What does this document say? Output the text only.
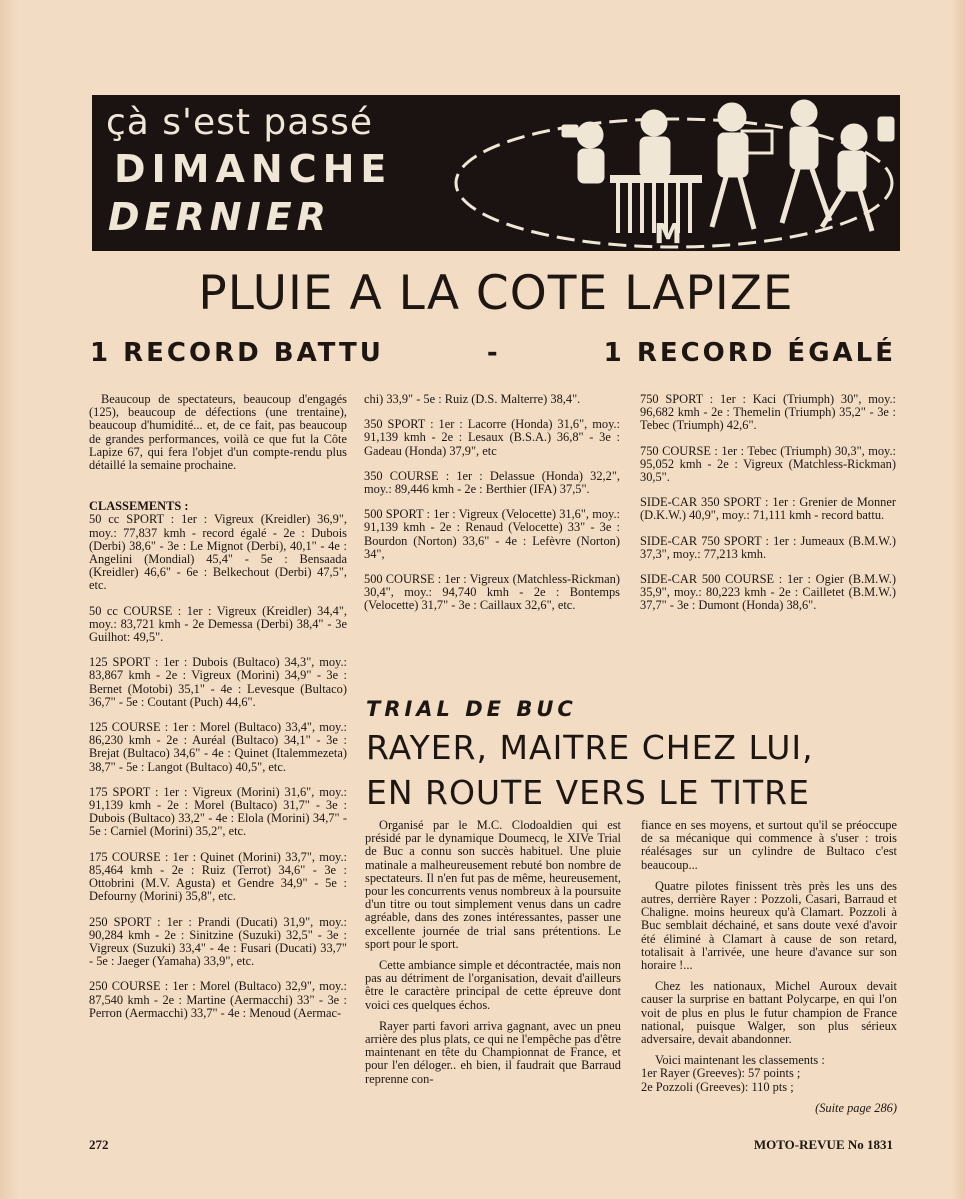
çà s'est passé
DIMANCHE
DERNIER	M
PLUIE A LA COTE LAPIZE
1 RECORD BATTU	-	1 RECORD ÉGALÉ

Beaucoup de spectateurs, beaucoup d'engagés (125), beaucoup de défections (une trentaine), beaucoup d'humidité... et, de ce fait, pas beaucoup de grandes performances, voilà ce que fut la Côte Lapize 67, qui fera l'objet d'un compte-rendu plus détaillé la semaine prochaine.

CLASSEMENTS :

50 cc SPORT : 1er : Vigreux (Kreidler) 36,9", moy.: 77,837 kmh - record égalé - 2e : Dubois (Derbi) 38,6" - 3e : Le Mignot (Derbi), 40,1" - 4e : Angelini (Mondial) 45,4" - 5e : Bensaada (Kreidler) 46,6" - 6e : Belkechout (Derbi) 47,5", etc.

50 cc COURSE : 1er : Vigreux (Kreidler) 34,4", moy.: 83,721 kmh - 2e Demessa (Derbi) 38,4" - 3e Guilhot: 49,5".

125 SPORT : 1er : Dubois (Bultaco) 34,3", moy.: 83,867 kmh - 2e : Vigreux (Morini) 34,9" - 3e : Bernet (Motobi) 35,1" - 4e : Levesque (Bultaco) 36,7" - 5e : Coutant (Puch) 44,6".

125 COURSE : 1er : Morel (Bultaco) 33,4", moy.: 86,230 kmh - 2e : Auréal (Bultaco) 34,1" - 3e : Brejat (Bultaco) 34,6" - 4e : Quinet (Italemmezeta) 38,7" - 5e : Langot (Bultaco) 40,5", etc.

175 SPORT : 1er : Vigreux (Morini) 31,6", moy.: 91,139 kmh - 2e : Morel (Bultaco) 31,7" - 3e : Dubois (Bultaco) 33,2" - 4e : Elola (Morini) 34,7" - 5e : Carniel (Morini) 35,2", etc.

175 COURSE : 1er : Quinet (Morini) 33,7", moy.: 85,464 kmh - 2e : Ruiz (Terrot) 34,6" - 3e : Ottobrini (M.V. Agusta) et Gendre 34,9" - 5e : Defourny (Morini) 35,8", etc.

250 SPORT : 1er : Prandi (Ducati) 31,9", moy.: 90,284 kmh - 2e : Sinitzine (Suzuki) 32,5" - 3e : Vigreux (Suzuki) 33,4" - 4e : Fusari (Ducati) 33,7" - 5e : Jaeger (Yamaha) 33,9", etc.

250 COURSE : 1er : Morel (Bultaco) 32,9", moy.: 87,540 kmh - 2e : Martine (Aermacchi) 33" - 3e : Perron (Aermacchi) 33,7" - 4e : Menoud (Aermac-

chi) 33,9" - 5e : Ruiz (D.S. Malterre) 38,4".

350 SPORT : 1er : Lacorre (Honda) 31,6", moy.: 91,139 kmh - 2e : Lesaux (B.S.A.) 36,8" - 3e : Gadeau (Honda) 37,9", etc

350 COURSE : 1er : Delassue (Honda) 32,2", moy.: 89,446 kmh - 2e : Berthier (IFA) 37,5".

500 SPORT : 1er : Vigreux (Velocette) 31,6", moy.: 91,139 kmh - 2e : Renaud (Velocette) 33" - 3e : Bourdon (Norton) 33,6" - 4e : Lefèvre (Norton) 34",

500 COURSE : 1er : Vigreux (Matchless-Rickman) 30,4", moy.: 94,740 kmh - 2e : Bontemps (Velocette) 31,7" - 3e : Caillaux 32,6", etc.

750 SPORT : 1er : Kaci (Triumph) 30", moy.: 96,682 kmh - 2e : Themelin (Triumph) 35,2" - 3e : Tebec (Triumph) 42,6".

750 COURSE : 1er : Tebec (Triumph) 30,3", moy.: 95,052 kmh - 2e : Vigreux (Matchless-Rickman) 30,5".

SIDE-CAR 350 SPORT : 1er : Grenier de Monner (D.K.W.) 40,9", moy.: 71,111 kmh - record battu.

SIDE-CAR 750 SPORT : 1er : Jumeaux (B.M.W.) 37,3", moy.: 77,213 kmh.

SIDE-CAR 500 COURSE : 1er : Ogier (B.M.W.) 35,9", moy.: 80,223 kmh - 2e : Cailletet (B.M.W.) 37,7" - 3e : Dumont (Honda) 38,6".

TRIAL DE BUC
RAYER, MAITRE CHEZ LUI,
EN ROUTE VERS LE TITRE

Organisé par le M.C. Clodoaldien qui est présidé par le dynamique Doumecq, le XIVe Trial de Buc a connu son succès habituel. Une pluie matinale a malheureusement rebuté bon nombre de spectateurs. Il n'en fut pas de même, heureusement, pour les concurrents venus nombreux à la poursuite d'un titre ou tout simplement venus dans un cadre agréable, dans des zones intéressantes, passer une excellente journée de trial sans prétentions. Le sport pour le sport.

Cette ambiance simple et décontractée, mais non pas au détriment de l'organisation, devait d'ailleurs être le caractère principal de cette épreuve dont voici ces quelques échos.

Rayer parti favori arriva gagnant, avec un pneu arrière des plus plats, ce qui ne l'empêche pas d'être maintenant en tête du Championnat de France, et pour l'en déloger.. eh bien, il faudrait que Barraud reprenne con-

fiance en ses moyens, et surtout qu'il se préoccupe de sa mécanique qui commence à s'user : trois réalésages sur un cylindre de Bultaco c'est beaucoup...

Quatre pilotes finissent très près les uns des autres, derrière Rayer : Pozzoli, Casari, Barraud et Chaligne. moins heureux qu'à Clamart. Pozzoli à Buc semblait déchainé, et sans doute vexé d'avoir été éliminé à Clamart à cause de son retard, totalisait à l'arrivée, une heure d'avance sur son horaire !...

Chez les nationaux, Michel Auroux devait causer la surprise en battant Polycarpe, en qui l'on voit de plus en plus le futur champion de France national, puisque Walger, son plus sérieux adversaire, devait abandonner.

Voici maintenant les classements :

1er Rayer (Greeves): 57 points ;

2e Pozzoli (Greeves): 110 pts ;

(Suite page 286)

272	MOTO-REVUE No 1831
